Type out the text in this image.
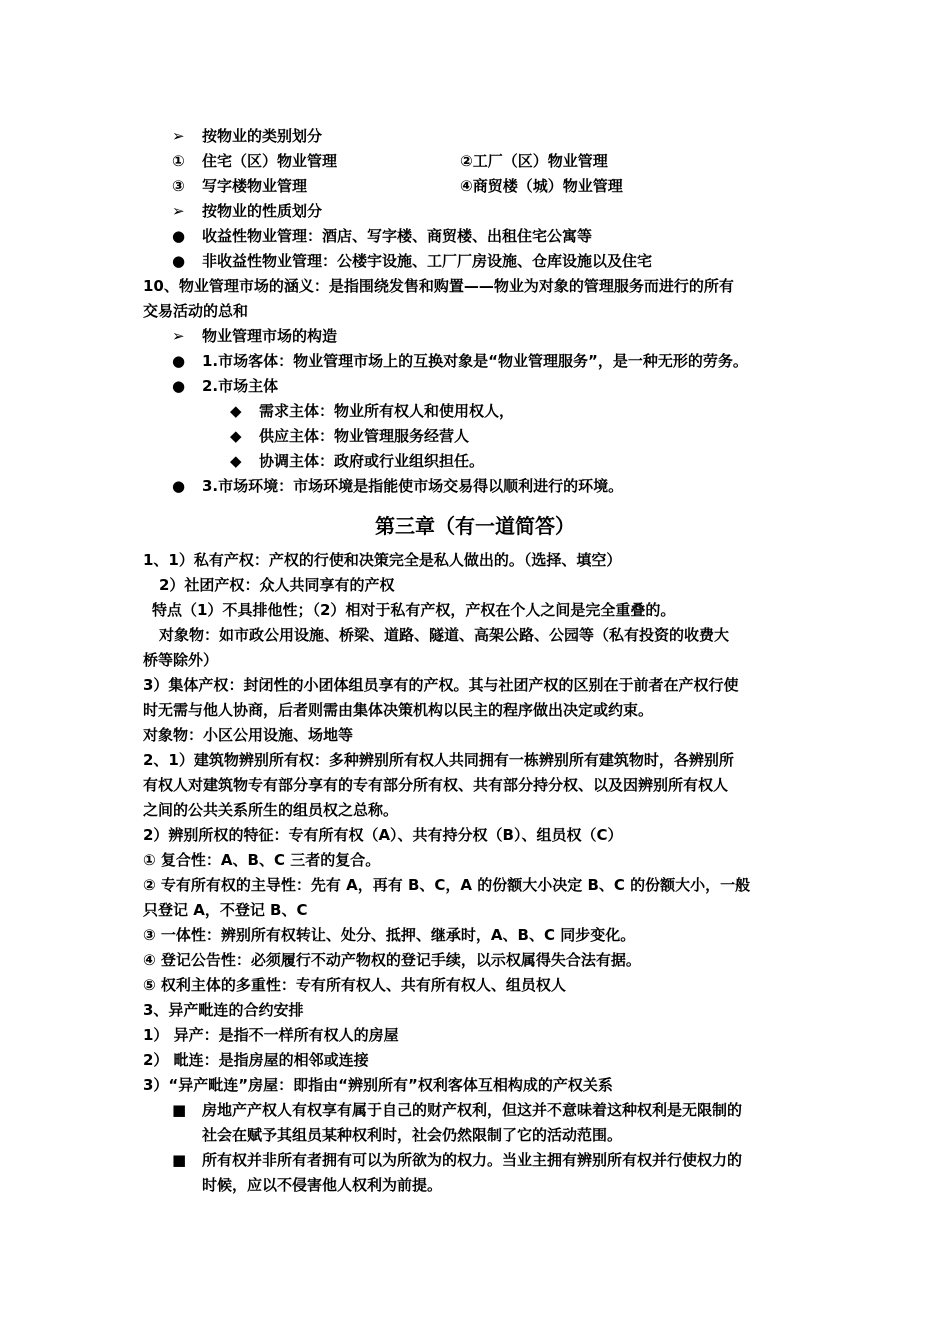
➢	按物业的类别划分
①	住宅（区）物业管理	②工厂（区）物业管理
③	写字楼物业管理	④商贸楼（城）物业管理
➢	按物业的性质划分
●	收益性物业管理：酒店、写字楼、商贸楼、出租住宅公寓等
●	非收益性物业管理：公楼宇设施、工厂厂房设施、仓库设施以及住宅
10、物业管理市场的涵义：是指围绕发售和购置——物业为对象的管理服务而进行的所有
交易活动的总和
➢	物业管理市场的构造
●	1.市场客体：物业管理市场上的互换对象是“物业管理服务”，是一种无形的劳务。
●	2.市场主体
◆	需求主体：物业所有权人和使用权人，
◆	供应主体：物业管理服务经营人
◆	协调主体：政府或行业组织担任。
●	3.市场环境：市场环境是指能使市场交易得以顺利进行的环境。
第三章（有一道简答）
1、1）私有产权：产权的行使和决策完全是私人做出的。（选择、填空）
2）社团产权：众人共同享有的产权
特点（1）不具排他性；（2）相对于私有产权，产权在个人之间是完全重叠的。
对象物：如市政公用设施、桥梁、道路、隧道、高架公路、公园等（私有投资的收费大
桥等除外）
3）集体产权：封闭性的小团体组员享有的产权。其与社团产权的区别在于前者在产权行使
时无需与他人协商，后者则需由集体决策机构以民主的程序做出决定或约束。
对象物：小区公用设施、场地等
2、1）建筑物辨别所有权：多种辨别所有权人共同拥有一栋辨别所有建筑物时，各辨别所
有权人对建筑物专有部分享有的专有部分所有权、共有部分持分权、以及因辨别所有权人
之间的公共关系所生的组员权之总称。
2）辨别所权的特征：专有所有权（A）、共有持分权（B）、组员权（C）
① 复合性：A、B、C 三者的复合。
② 专有所有权的主导性：先有 A，再有 B、C，A 的份额大小决定 B、C 的份额大小，一般
只登记 A，不登记 B、C
③ 一体性：辨别所有权转让、处分、抵押、继承时，A、B、C 同步变化。
④ 登记公告性：必须履行不动产物权的登记手续，以示权属得失合法有据。
⑤ 权利主体的多重性：专有所有权人、共有所有权人、组员权人
3、异产毗连的合约安排
1） 异产：是指不一样所有权人的房屋
2） 毗连：是指房屋的相邻或连接
3）“异产毗连”房屋：即指由“辨别所有”权利客体互相构成的产权关系
■	房地产产权人有权享有属于自己的财产权利，但这并不意味着这种权利是无限制的
社会在赋予其组员某种权利时，社会仍然限制了它的活动范围。
■	所有权并非所有者拥有可以为所欲为的权力。当业主拥有辨别所有权并行使权力的
时候，应以不侵害他人权利为前提。
